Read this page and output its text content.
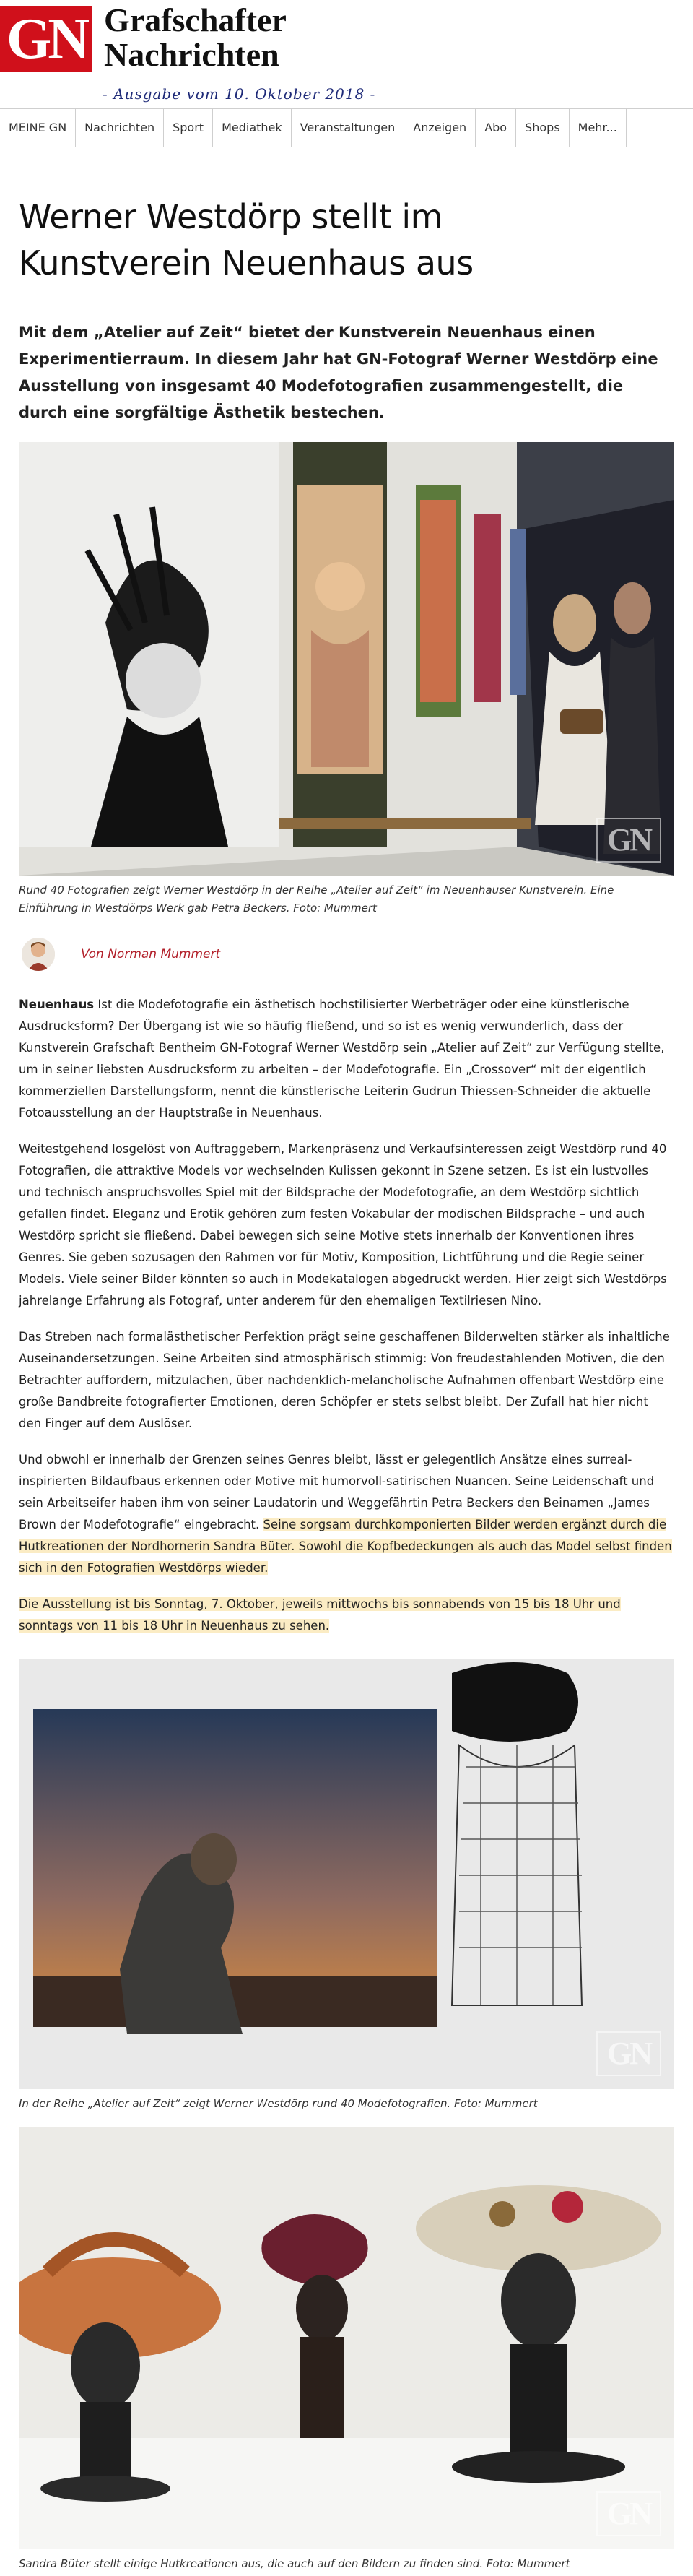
GN Grafschafter
Nachrichten
- Ausgabe vom 10. Oktober 2018 -
MEINE GN	Nachrichten	Sport	Mediathek	Veranstaltungen	Anzeigen	Abo	Shops	Mehr...
Werner Westdörp stellt im
Kunstverein Neuenhaus aus

Mit dem „Atelier auf Zeit“ bietet der Kunstverein Neuenhaus einen Experimentierraum. In diesem Jahr hat GN-Fotograf Werner Westdörp eine Ausstellung von insgesamt 40 Modefotografien zusammengestellt, die durch eine sorgfältige Ästhetik bestechen.

GN
Rund 40 Fotografien zeigt Werner Westdörp in der Reihe „Atelier auf Zeit“ im Neuenhauser Kunstverein. Eine Einführung in Westdörps Werk gab Petra Beckers. Foto: Mummert
Von Norman Mummert

Neuenhaus Ist die Modefotografie ein ästhetisch hochstilisierter Werbeträger oder eine künstlerische Ausdrucksform? Der Übergang ist wie so häufig fließend, und so ist es wenig verwunderlich, dass der Kunstverein Grafschaft Bentheim GN-Fotograf Werner Westdörp sein „Atelier auf Zeit“ zur Verfügung stellte, um in seiner liebsten Ausdrucksform zu arbeiten – der Modefotografie. Ein „Crossover“ mit der eigentlich kommerziellen Darstellungsform, nennt die künstlerische Leiterin Gudrun Thiessen-Schneider die aktuelle Fotoausstellung an der Hauptstraße in Neuenhaus.

Weitestgehend losgelöst von Auftraggebern, Markenpräsenz und Verkaufsinteressen zeigt Westdörp rund 40 Fotografien, die attraktive Models vor wechselnden Kulissen gekonnt in Szene setzen. Es ist ein lustvolles und technisch anspruchsvolles Spiel mit der Bildsprache der Modefotografie, an dem Westdörp sichtlich gefallen findet. Eleganz und Erotik gehören zum festen Vokabular der modischen Bildsprache – und auch Westdörp spricht sie fließend. Dabei bewegen sich seine Motive stets innerhalb der Konventionen ihres Genres. Sie geben sozusagen den Rahmen vor für Motiv, Komposition, Lichtführung und die Regie seiner Models. Viele seiner Bilder könnten so auch in Modekatalogen abgedruckt werden. Hier zeigt sich Westdörps jahrelange Erfahrung als Fotograf, unter anderem für den ehemaligen Textilriesen Nino.

Das Streben nach formalästhetischer Perfektion prägt seine geschaffenen Bilderwelten stärker als inhaltliche Auseinandersetzungen. Seine Arbeiten sind atmosphärisch stimmig: Von freudestahlenden Motiven, die den Betrachter auffordern, mitzulachen, über nachdenklich-melancholische Aufnahmen offenbart Westdörp eine große Bandbreite fotografierter Emotionen, deren Schöpfer er stets selbst bleibt. Der Zufall hat hier nicht den Finger auf dem Auslöser.

Und obwohl er innerhalb der Grenzen seines Genres bleibt, lässt er gelegentlich Ansätze eines surreal-inspirierten Bildaufbaus erkennen oder Motive mit humorvoll-satirischen Nuancen. Seine Leidenschaft und sein Arbeitseifer haben ihm von seiner Laudatorin und Weggefährtin Petra Beckers den Beinamen „James Brown der Modefotografie“ eingebracht. Seine sorgsam durchkomponierten Bilder werden ergänzt durch die Hutkreationen der Nordhornerin Sandra Büter. Sowohl die Kopfbedeckungen als auch das Model selbst finden sich in den Fotografien Westdörps wieder.

Die Ausstellung ist bis Sonntag, 7. Oktober, jeweils mittwochs bis sonnabends von 15 bis 18 Uhr und sonntags von 11 bis 18 Uhr in Neuenhaus zu sehen.

GN
In der Reihe „Atelier auf Zeit“ zeigt Werner Westdörp rund 40 Modefotografien. Foto: Mummert
GN
Sandra Büter stellt einige Hutkreationen aus, die auch auf den Bildern zu finden sind. Foto: Mummert
